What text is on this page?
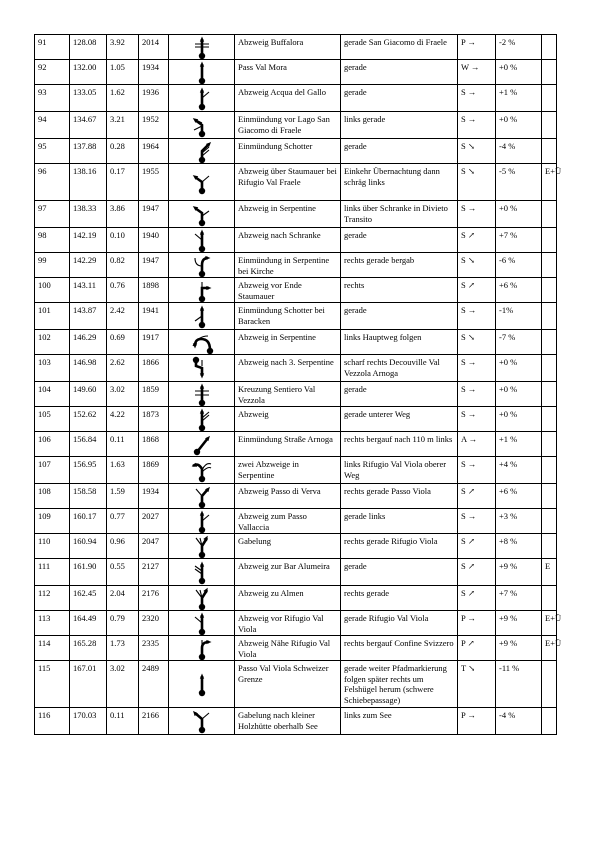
91	128.08	3.92	2014		Abzweig Buffalora	gerade San Giacomo di Fraele	P →	-2 %	
92	132.00	1.05	1934		Pass Val Mora	gerade	W →	+0 %	
93	133.05	1.62	1936		Abzweig Acqua del Gallo	gerade	S →	+1 %	
94	134.67	3.21	1952		Einmündung vor Lago San Giacomo di Fraele	links gerade	S →	+0 %	
95	137.88	0.28	1964		Einmündung Schotter	gerade	S ↘	-4 %	
96	138.16	0.17	1955		Abzweig über Staumauer bei Rifugio Val Fraele	Einkehr Übernachtung dann schräg links	S ↘	-5 %	E+Ü
97	138.33	3.86	1947		Abzweig in Serpentine	links über Schranke in Divieto Transito	S →	+0 %	
98	142.19	0.10	1940		Abzweig nach Schranke	gerade	S ↗	+7 %	
99	142.29	0.82	1947		Einmündung in Serpentine bei Kirche	rechts gerade bergab	S ↘	-6 %	
100	143.11	0.76	1898		Abzweig vor Ende Staumauer	rechts	S ↗	+6 %	
101	143.87	2.42	1941		Einmündung Schotter bei Baracken	gerade	S →	-1%	
102	146.29	0.69	1917		Abzweig in Serpentine	links Hauptweg folgen	S ↘	-7 %	
103	146.98	2.62	1866		Abzweig nach 3. Serpentine	scharf rechts Decouville Val Vezzola Arnoga	S →	+0 %	
104	149.60	3.02	1859		Kreuzung Sentiero Val Vezzola	gerade	S →	+0 %	
105	152.62	4.22	1873		Abzweig	gerade unterer Weg	S →	+0 %	
106	156.84	0.11	1868		Einmündung Straße Arnoga	rechts bergauf nach 110 m links	A →	+1 %	
107	156.95	1.63	1869		zwei Abzweige in Serpentine	links Rifugio Val Viola oberer Weg	S →	+4 %	
108	158.58	1.59	1934		Abzweig Passo di Verva	rechts gerade Passo Viola	S ↗	+6 %	
109	160.17	0.77	2027		Abzweig zum Passo Vallaccia	gerade links	S →	+3 %	
110	160.94	0.96	2047		Gabelung	rechts gerade Rifugio Viola	S ↗	+8 %	
111	161.90	0.55	2127		Abzweig zur Bar Alumeira	gerade	S ↗	+9 %	E
112	162.45	2.04	2176		Abzweig zu Almen	rechts gerade	S ↗	+7 %	
113	164.49	0.79	2320		Abzweig vor Rifugio Val Viola	gerade Rifugio Val Viola	P →	+9 %	E+Ü
114	165.28	1.73	2335		Abzweig Nähe Rifugio Val Viola	rechts bergauf Confine Svizzero	P ↗	+9 %	E+Ü
115	167.01	3.02	2489		Passo Val Viola Schweizer Grenze	gerade weiter Pfadmarkierung folgen später rechts um Felshügel herum (schwere Schiebepassage)	T ↘	-11 %	
116	170.03	0.11	2166		Gabelung nach kleiner Holzhütte oberhalb See	links zum See	P →	-4 %	
